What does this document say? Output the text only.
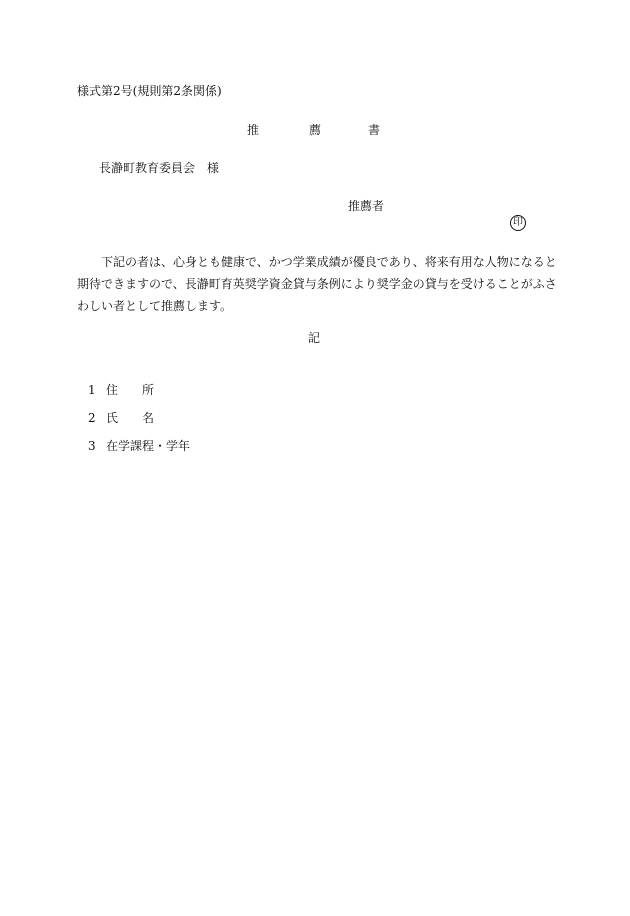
様式第2号(規則第2条関係)
推	薦	書
長瀞町教育委員会　様
推薦者
印
下記の者は、心身とも健康で、かつ学業成績が優良であり、将来有用な人物になると期待できますので、長瀞町育英奨学資金貸与条例により奨学金の貸与を受けることがふさわしい者として推薦します。
記
1 住　　所
2 氏　　名
3 在学課程・学年
